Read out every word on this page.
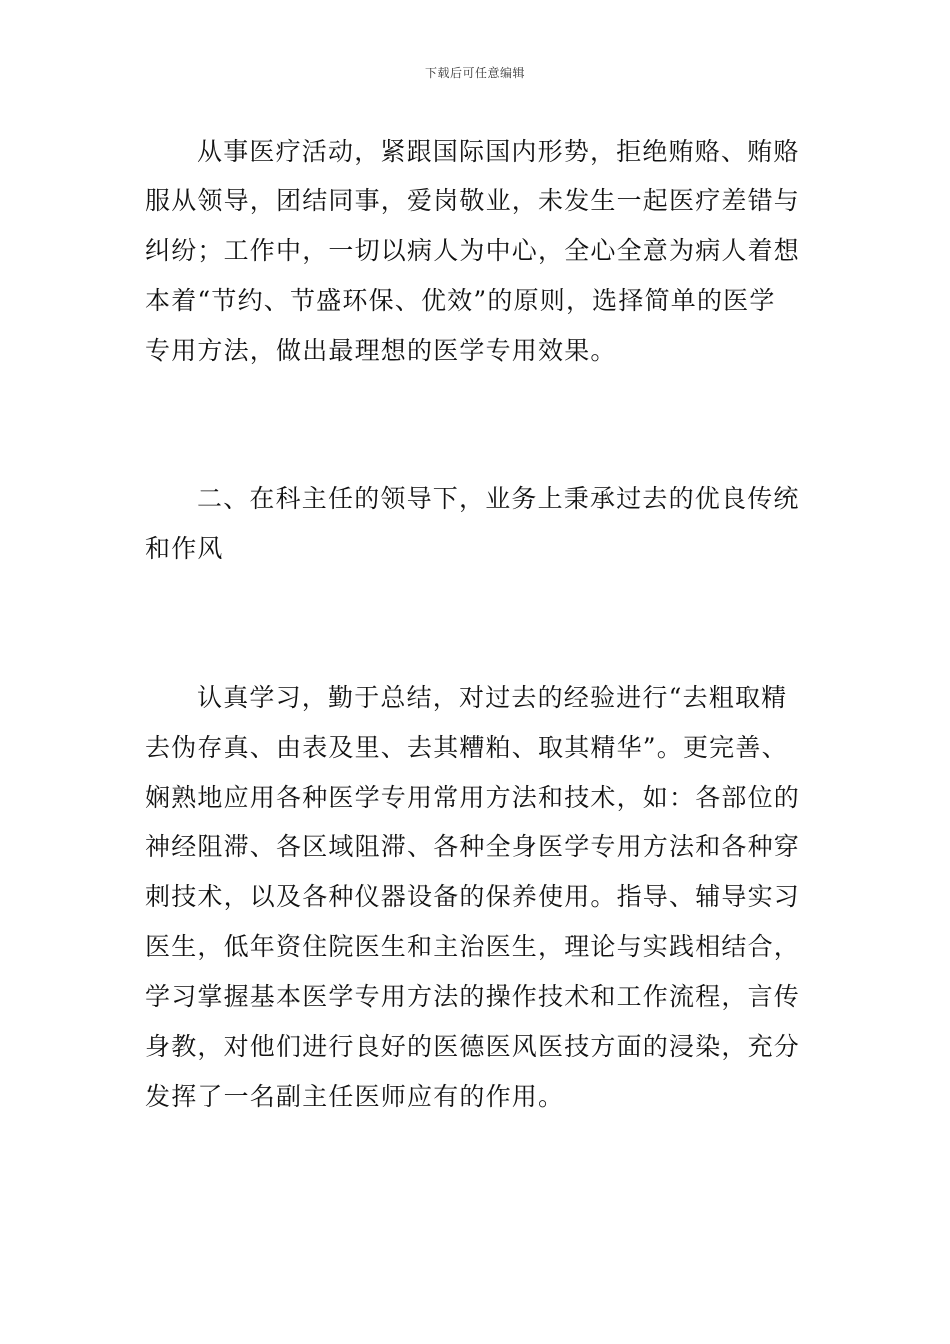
下载后可任意编辑
从事医疗活动，紧跟国际国内形势，拒绝贿赂、贿赂
服从领导，团结同事，爱岗敬业，未发生一起医疗差错与
纠纷；工作中，一切以病人为中心，全心全意为病人着想
本着“节约、节盛环保、优效”的原则，选择简单的医学
专用方法，做出最理想的医学专用效果。
二、在科主任的领导下，业务上秉承过去的优良传统
和作风
认真学习，勤于总结，对过去的经验进行“去粗取精
去伪存真、由表及里、去其糟粕、取其精华”。更完善、
娴熟地应用各种医学专用常用方法和技术，如：各部位的
神经阻滞、各区域阻滞、各种全身医学专用方法和各种穿
刺技术，以及各种仪器设备的保养使用。指导、辅导实习
医生，低年资住院医生和主治医生，理论与实践相结合，
学习掌握基本医学专用方法的操作技术和工作流程，言传
身教，对他们进行良好的医德医风医技方面的浸染，充分
发挥了一名副主任医师应有的作用。
